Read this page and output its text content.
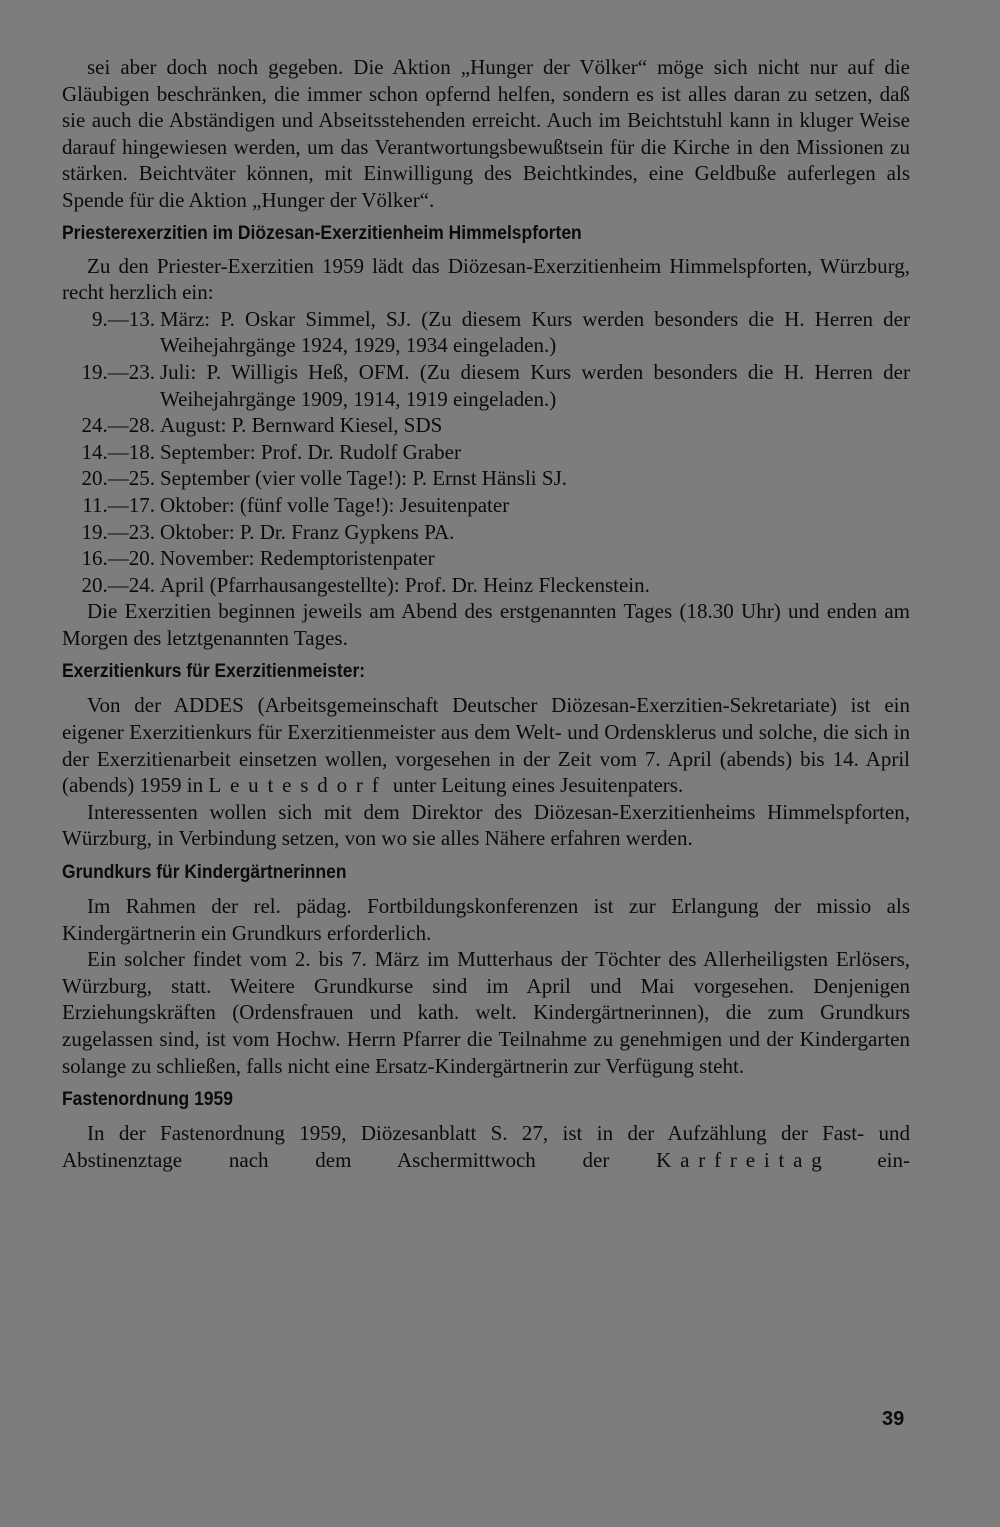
sei aber doch noch gegeben. Die Aktion „Hunger der Völker“ möge sich nicht nur auf die Gläubigen beschränken, die immer schon opfernd helfen, sondern es ist alles daran zu setzen, daß sie auch die Abständigen und Abseitsstehenden erreicht. Auch im Beichtstuhl kann in kluger Weise darauf hingewiesen werden, um das Verantwortungsbewußtsein für die Kirche in den Missionen zu stärken. Beichtväter können, mit Einwilligung des Beichtkindes, eine Geldbuße auferlegen als Spende für die Aktion „Hunger der Völker“.

Priesterexerzitien im Diözesan-Exerzitienheim Himmelspforten

Zu den Priester-Exerzitien 1959 lädt das Diözesan-Exerzitienheim Himmelspforten, Würzburg, recht herzlich ein:

9.—13. März: P. Oskar Simmel, SJ. (Zu diesem Kurs werden besonders die H. Herren der Weihejahrgänge 1924, 1929, 1934 eingeladen.)
19.—23. Juli: P. Willigis Heß, OFM. (Zu diesem Kurs werden besonders die H. Herren der Weihejahrgänge 1909, 1914, 1919 eingeladen.)
24.—28. August: P. Bernward Kiesel, SDS
14.—18. September: Prof. Dr. Rudolf Graber
20.—25. September (vier volle Tage!): P. Ernst Hänsli SJ.
11.—17. Oktober: (fünf volle Tage!): Jesuitenpater
19.—23. Oktober: P. Dr. Franz Gypkens PA.
16.—20. November: Redemptoristenpater
20.—24. April (Pfarrhausangestellte): Prof. Dr. Heinz Fleckenstein.

Die Exerzitien beginnen jeweils am Abend des erstgenannten Tages (18.30 Uhr) und enden am Morgen des letztgenannten Tages.

Exerzitienkurs für Exerzitienmeister:

Von der ADDES (Arbeitsgemeinschaft Deutscher Diözesan-Exerzitien-Sekretariate) ist ein eigener Exerzitienkurs für Exerzitienmeister aus dem Welt- und Ordensklerus und solche, die sich in der Exerzitienarbeit einsetzen wollen, vorgesehen in der Zeit vom 7. April (abends) bis 14. April (abends) 1959 in Leutesdorf unter Leitung eines Jesuitenpaters.

Interessenten wollen sich mit dem Direktor des Diözesan-Exerzitienheims Himmelspforten, Würzburg, in Verbindung setzen, von wo sie alles Nähere erfahren werden.

Grundkurs für Kindergärtnerinnen

Im Rahmen der rel. pädag. Fortbildungskonferenzen ist zur Erlangung der missio als Kindergärtnerin ein Grundkurs erforderlich.

Ein solcher findet vom 2. bis 7. März im Mutterhaus der Töchter des Allerheiligsten Erlösers, Würzburg, statt. Weitere Grundkurse sind im April und Mai vorgesehen. Denjenigen Erziehungskräften (Ordensfrauen und kath. welt. Kindergärtnerinnen), die zum Grundkurs zugelassen sind, ist vom Hochw. Herrn Pfarrer die Teilnahme zu genehmigen und der Kindergarten solange zu schließen, falls nicht eine Ersatz-Kindergärtnerin zur Verfügung steht.

Fastenordnung 1959

In der Fastenordnung 1959, Diözesanblatt S. 27, ist in der Aufzählung der Fast- und Abstinenztage nach dem Aschermittwoch der Karfreitag ein-

39
